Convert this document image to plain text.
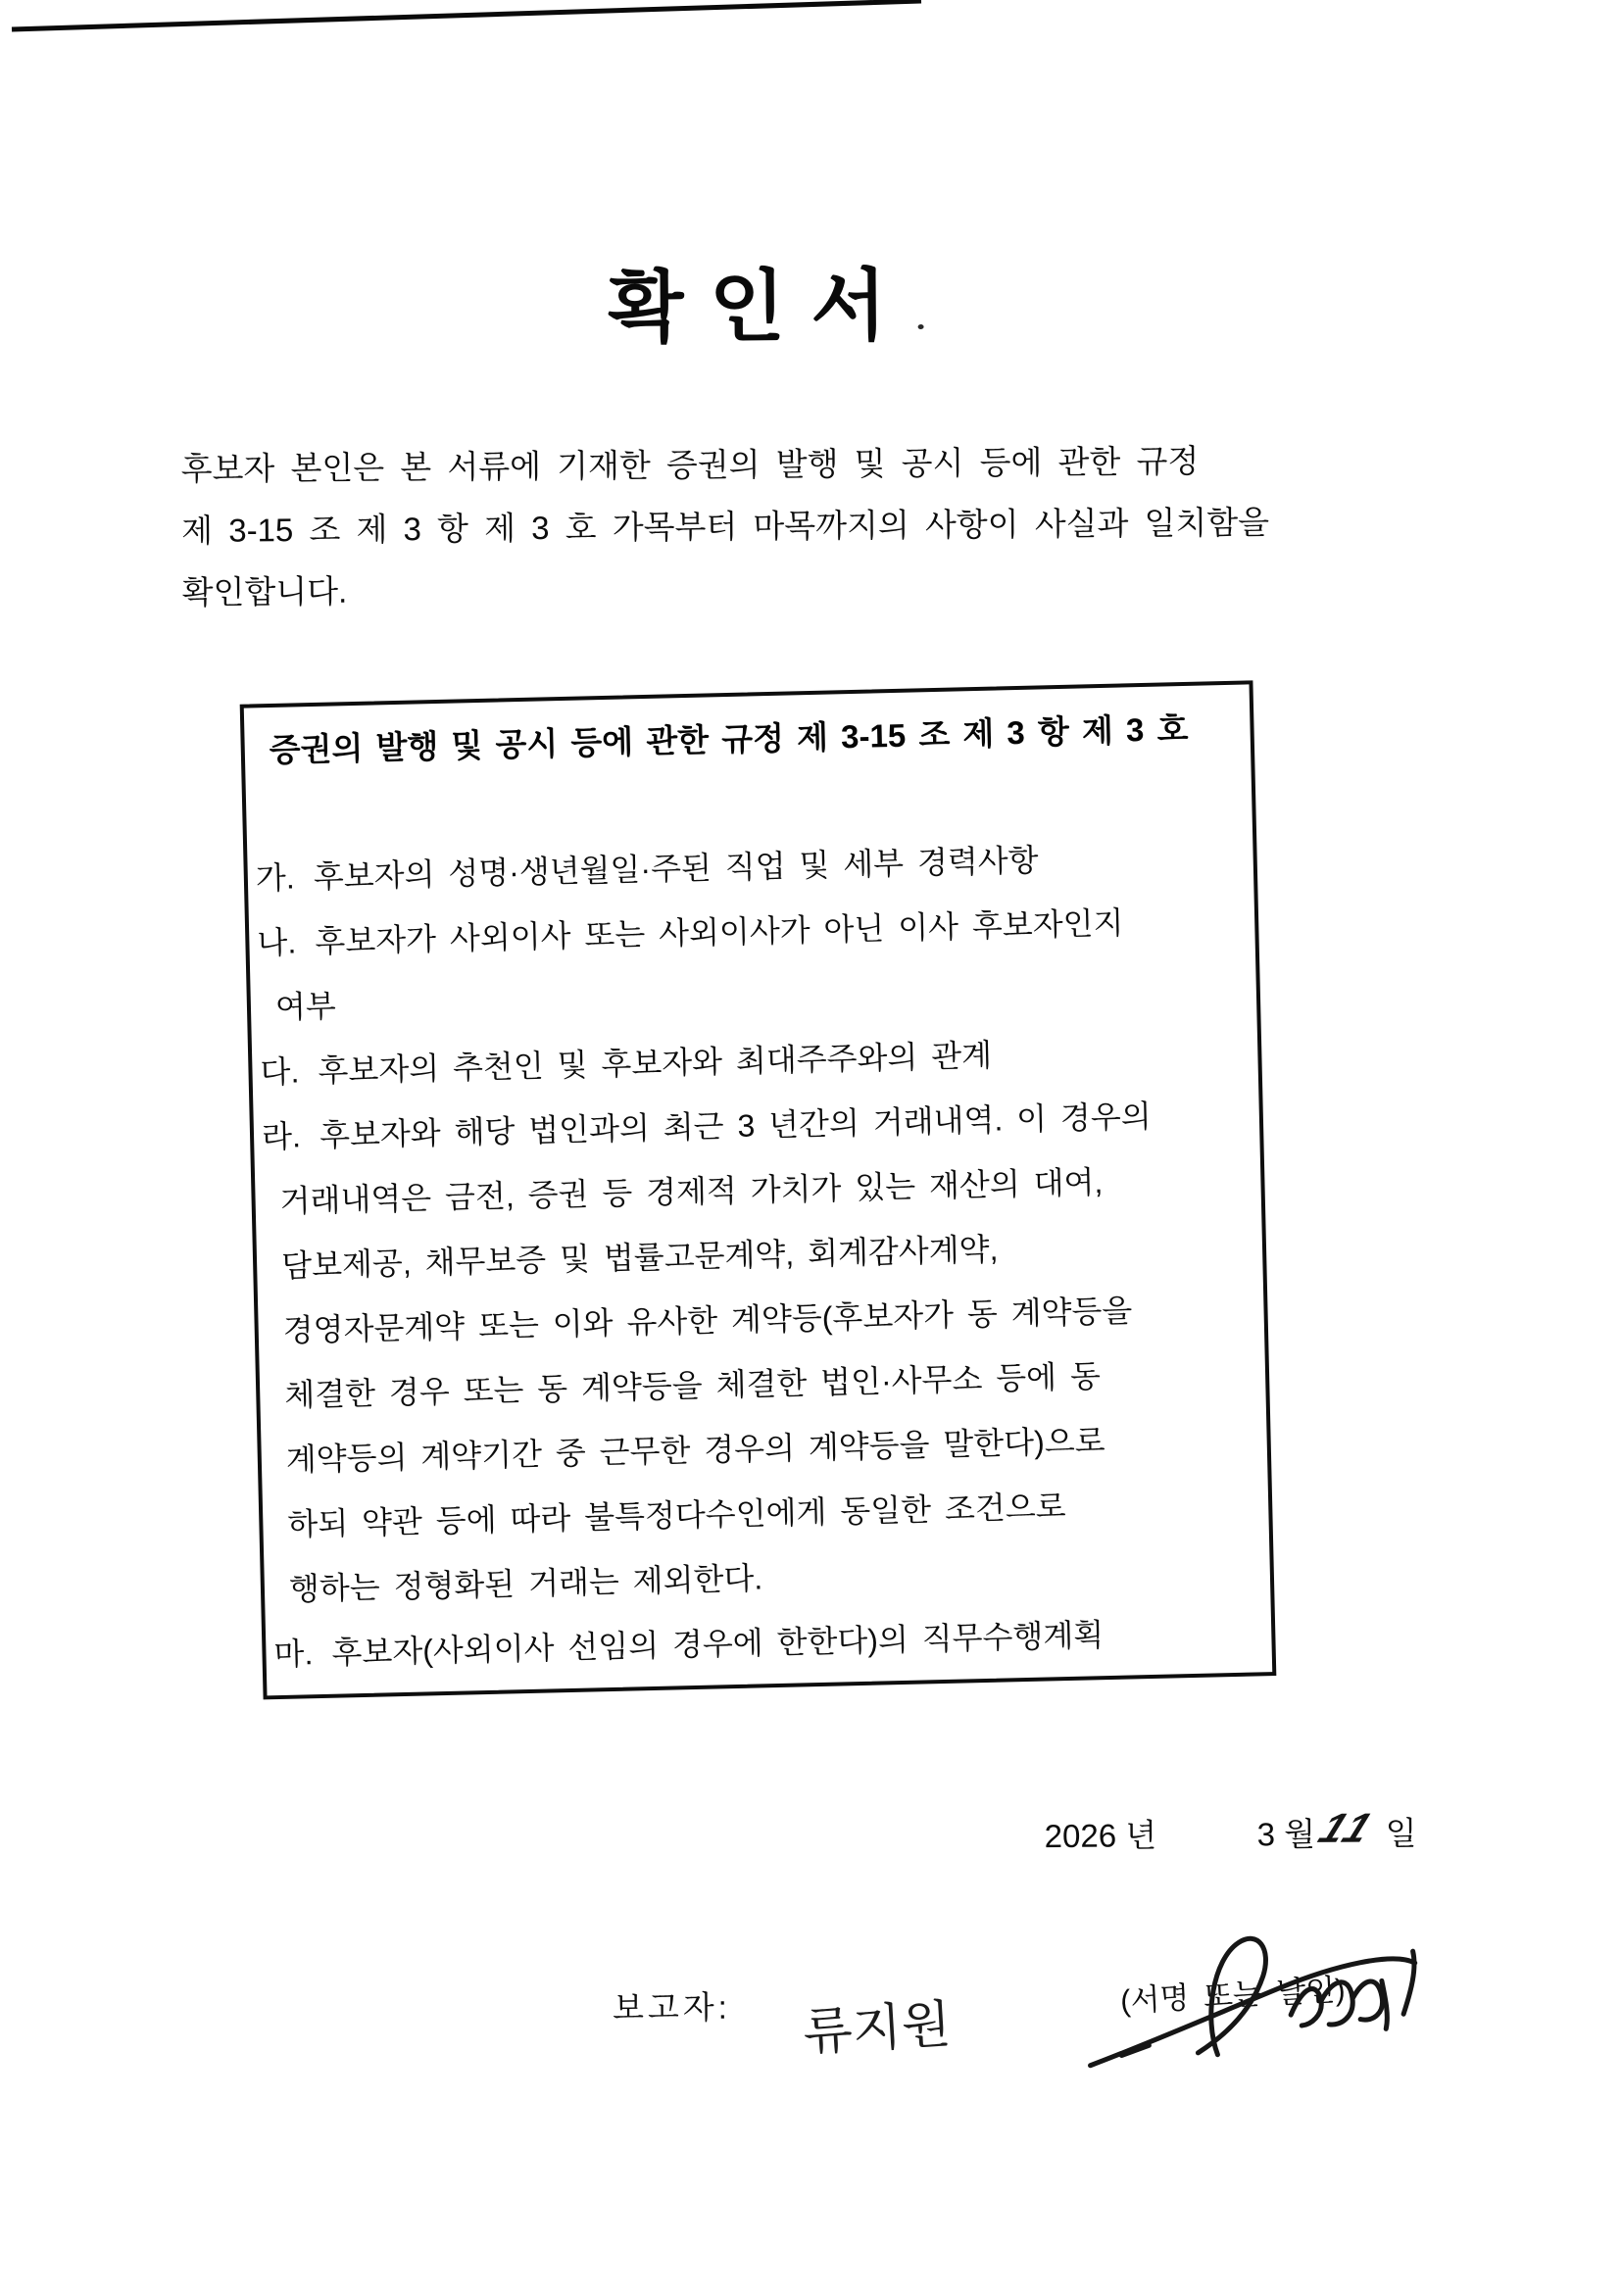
확 인 서
후보자 본인은 본 서류에 기재한 증권의 발행 및 공시 등에 관한 규정
제 3-15 조 제 3 항 제 3 호 가목부터 마목까지의 사항이 사실과 일치함을
확인합니다.
증권의 발행 및 공시 등에 관한 규정 제 3-15 조 제 3 항 제 3 호
가. 후보자의 성명·생년월일·주된 직업 및 세부 경력사항
나. 후보자가 사외이사 또는 사외이사가 아닌 이사 후보자인지
여부
다. 후보자의 추천인 및 후보자와 최대주주와의 관계
라. 후보자와 해당 법인과의 최근 3 년간의 거래내역. 이 경우의
거래내역은 금전, 증권 등 경제적 가치가 있는 재산의 대여,
담보제공, 채무보증 및 법률고문계약, 회계감사계약,
경영자문계약 또는 이와 유사한 계약등(후보자가 동 계약등을
체결한 경우 또는 동 계약등을 체결한 법인·사무소 등에 동
계약등의 계약기간 중 근무한 경우의 계약등을 말한다)으로
하되 약관 등에 따라 불특정다수인에게 동일한 조건으로
행하는 정형화된 거래는 제외한다.
마. 후보자(사외이사 선임의 경우에 한한다)의 직무수행계획
2026 년	3 월
11
일
보고자: 류지원
(서명 또는 날인)
